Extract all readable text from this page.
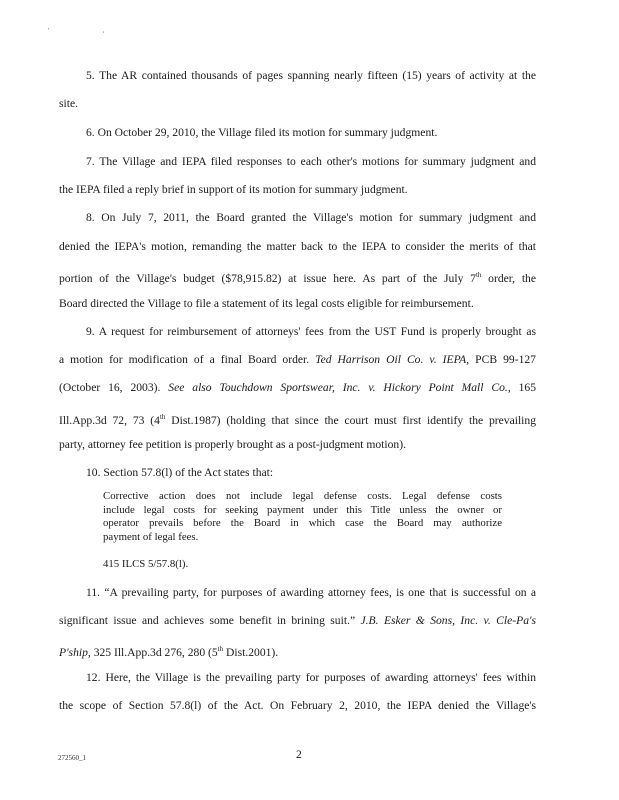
' ,
5. The AR contained thousands of pages spanning nearly fifteen (15) years of activity at the
site.
6. On October 29, 2010, the Village filed its motion for summary judgment.
7. The Village and IEPA filed responses to each other's motions for summary judgment and
the IEPA filed a reply brief in support of its motion for summary judgment.
8. On July 7, 2011, the Board granted the Village's motion for summary judgment and
denied the IEPA's motion, remanding the matter back to the IEPA to consider the merits of that
portion of the Village's budget ($78,915.82) at issue here. As part of the July 7th order, the
Board directed the Village to file a statement of its legal costs eligible for reimbursement.
9. A request for reimbursement of attorneys' fees from the UST Fund is properly brought as
a motion for modification of a final Board order. Ted Harrison Oil Co. v. IEPA, PCB 99-127
(October 16, 2003). See also Touchdown Sportswear, Inc. v. Hickory Point Mall Co., 165
Ill.App.3d 72, 73 (4th Dist.1987) (holding that since the court must first identify the prevailing
party, attorney fee petition is properly brought as a post-judgment motion).
10. Section 57.8(l) of the Act states that:
Corrective action does not include legal defense costs. Legal defense costs
include legal costs for seeking payment under this Title unless the owner or
operator prevails before the Board in which case the Board may authorize
payment of legal fees.
415 ILCS 5/57.8(l).
11. “A prevailing party, for purposes of awarding attorney fees, is one that is successful on a
significant issue and achieves some benefit in brining suit.” J.B. Esker & Sons, Inc. v. Cle-Pa's
P'ship, 325 Ill.App.3d 276, 280 (5th Dist.2001).
12. Here, the Village is the prevailing party for purposes of awarding attorneys' fees within
the scope of Section 57.8(l) of the Act. On February 2, 2010, the IEPA denied the Village's
272560_1	2
